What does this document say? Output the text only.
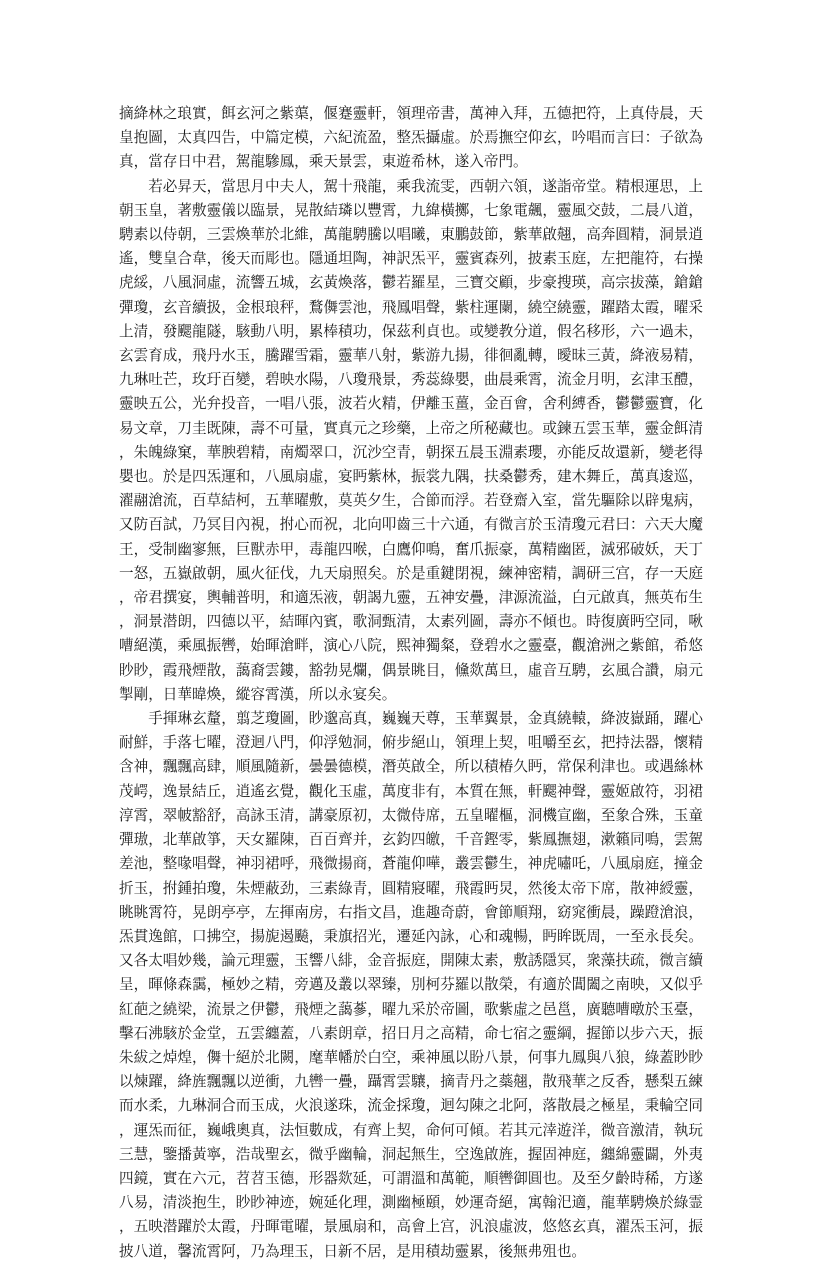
摘絳林之琅實，餌玄河之紫蕖，偃蹇靈軒，領理帝書，萬神入拜，五德把符，上真侍晨，天皇抱圖，太真四告，中篇定模，六紀流盈，整炁攝虛。於焉撫空仰玄，吟唱而言曰：子欲為真，當存日中君，駕龍驂鳳，乘天景雲，東遊希林，遂入帝門。

若必昇天，當思月中夫人，駕十飛龍，乘我流雯，西朝六領，遂詣帝堂。精根運思，上朝玉皇，著敷靈儀以臨景，晃散結璘以豐霄，九緯橫擲，七象電飆，靈風交鼓，二晨八道，騁素以侍朝，三雲煥華於北維，萬龍騁騰以唱曦，東鵬鼓節，紫華啟翹，高奔圓精，洞景逍遙，雙皇合韋，後天而彫也。隱通坦陶，神訳炁平，靈賓森列，披素玉庭，左把龍符，右操虎綏，八風洞虛，流響五城，玄黃煥落，鬱若羅星，三寶交顧，步豪搜瑛，高宗拔藻，鎗鎗彈瓊，玄音續扱，金根琅秤，鶩儛雲池，飛鳳唱聲，紫柱運闌，繞空繞靈，躍踏太霞，曜采上清，發颸龍隧，駭動八明，累棒積功，保茲利貞也。或變教分道，假名移形，六一過未，玄雲育成，飛丹水玉，騰躍雪霜，靈華八射，紫游九揚，徘徊亂轉，曖昧三黃，絳液易精，九琳吐芒，玫玗百變，碧映水陽，八瓊飛景，秀蕊綠嬰，曲晨乘霄，流金月明，玄津玉醴，靈映五公，光弁投音，一唱八張，波若火精，伊離玉薑，金百會，舍利縛香，鬱鬱靈寶，化易文章，刀圭既陳，壽不可量，實真元之珍藥，上帝之所秘藏也。或鍊五雲玉華，靈金餌清，朱魄綠窠，華腴碧精，南燭翠口，沉沙空青，朝探五晨玉淵素瓔，亦能反故還新，變老得嬰也。於是四炁運和，八風扇虛，宴眄紫林，振裳九隅，扶桑鬱秀，建木舞丘，萬真逡巡，濯翮滄流，百草結柯，五華曜敷，莫英夕生，合節而浮。若登齋入室，當先驅除以辟鬼病，又防百試，乃冥目內視，拊心而祝，北向叩齒三十六通，有微言於玉清瓊元君曰：六天大魔王，受制幽寥無，巨獸赤甲，毒龍四喉，白鷹仰鳴，奮爪振豪，萬精幽匿，滅邪破妖，天丁一怒，五嶽啟朝，風火征伐，九天扇照矣。於是重鍵閉視，練神密精，調研三宫，存一天庭，帝君撰宴，輿輔普明，和適炁液，朝謁九靈，五神安疊，津源流溢，白元啟真，無英布生，洞景潜朗，四德以平，結暉內賓，歌洞甄清，太素列圖，壽亦不傾也。時復廣眄空同，啾嘈絕漢，乘風振轡，始暉滄畔，演心八院，熙神獨粲，登碧水之靈臺，觀滄洲之紫館，希悠眇眇，霞飛煙散，藹裔雲鏤，豁勃晃爛，偶景眺目，儵欻萬旦，虛音互騁，玄風合讚，扇元掣剛，日華暐煥，縱容霄漢，所以永宴矣。

手揮琳玄釐，翦芝瓊圖，眇邈高真，巍巍天尊，玉華翼景，金真繞轅，絳波嶽踊，躍心耐鮮，手落七曜，澄迴八門，仰浮勉洞，俯步絕山，領理上契，咀嚼至玄，把持法器，懷精含神，飄飄高肆，順風隨新，曇曇德模，潛英啟全，所以積椿久眄，常保利津也。或遇絲林茂崿，逸景結丘，逍遙玄覺，觀化玉虛，萬度非有，本質在無，軒颸神聲，靈姬啟符，羽裙淳霄，翠帔豁舒，高詠玉清，講豪原初，太微侍席，五皇曜樞，洞機宣幽，至象合殊，玉童彈璈，北華啟箏，天女羅陳，百百齊并，玄鈞四皦，千音鏗零，紫鳳撫翅，漱籟同鳴，雲駕差池，整喙唱聲，神羽裙呼，飛微揚商，蒼龍仰嘩，叢雲鬱生，神虎嘯吒，八風扇庭，撞金折玉，拊鍾拍瓊，朱煙蔽劲，三素綠青，圓精寢曜，飛霞眄炅，然後太帝下席，散神綬靈，眺眺霄符，晃朗亭亭，左揮南房，右指文昌，進趣奇蔚，會節順翔，窈窕衝晨，躁蹬滄浪，炁貫逸館，口拂空，揚旎遏飈，秉旗招光，遷延內詠，心和魂暢，眄眸既周，一至永長矣。又各太唱妙幾，論元理靈，玉響八緋，金音振庭，開陳太素，敷誘隱冥，衆藻扶疏，微言續呈，暉條森靄，極妙之精，旁邁及叢以翠臻，別柯芬羅以散榮，有適於閶闔之南映，又似乎紅葩之繞梁，流景之伊鬱，飛煙之藹蔘，曜九采於帝圖，歌紫虛之邑邕，廣聽嘈暾於玉臺，擊石沸駭於金堂，五雲纏蓋，八素朗章，招日月之高精，命七宿之靈綱，握節以步六天，振朱紱之焯煌，儛十絕於北闕，麾華幡於白空，乘神風以盼八景，何事九鳳與八狼，綠蓋眇眇以煉躍，絳旌飄飄以逆衝，九轡一疊，躡霄雲驤，摘青丹之蘂翹，散飛華之反香，懸梨五練而水柔，九琳洞合而玉成，火浪遂珠，流金採瓊，迴勾陳之北阿，落散晨之極星，秉輪空同，運炁而征，巍峨奧真，法恒數成，有齊上契，命何可傾。若其元涬遊洋，微音激清，執玩三慧，鑒播黃寧，浩哉聖玄，微乎幽輪，洞起無生，空逸啟旌，握固神庭，纏綿靈闢，外夷四鏡，實在六元，苕苕玉德，形器欻延，可謂溫和萬範，順轡御圓也。及至夕齡時稀，方遂八易，清淡抱生，眇眇神迹，婉延化理，測幽極頤，妙運奇絕，寓翰汜適，龍華騁煥於綠霊，五映潜躍於太霞，丹暉電曜，景風扇和，高會上宫，汎浪虛波，悠悠玄真，濯炁玉河，振披八道，馨流霄阿，乃為理玉，日新不居，是用積劫靈累，後無弗殂也。
